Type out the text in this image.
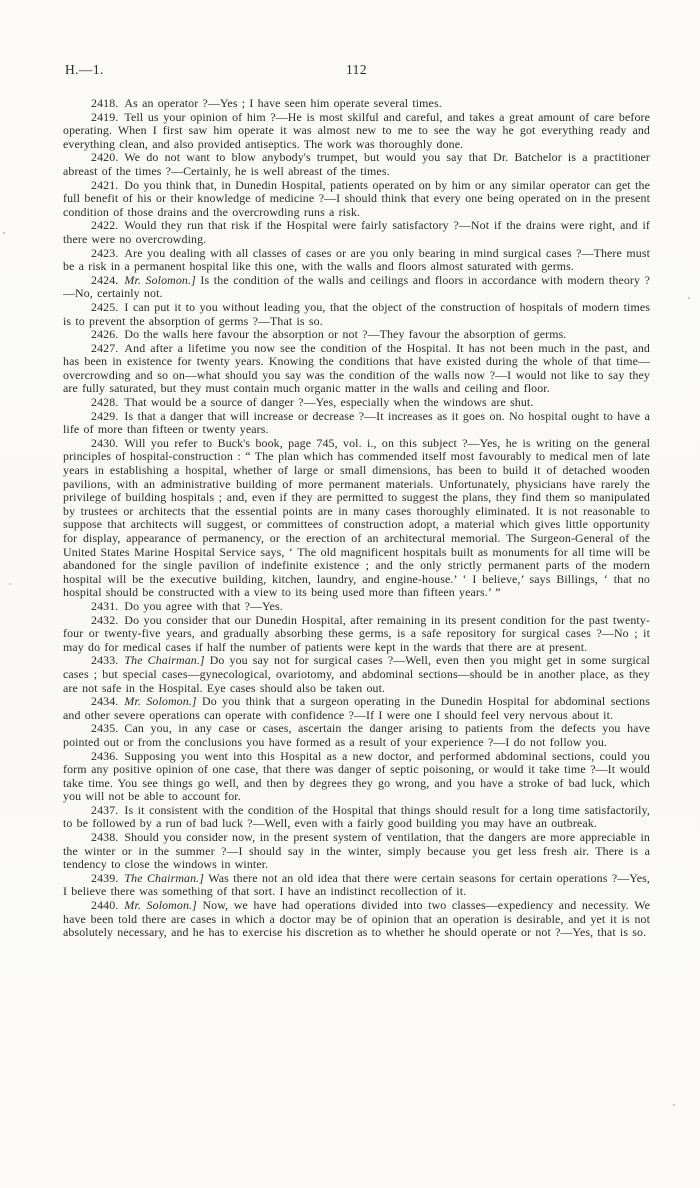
H.—1.	112

2418. As an operator ?—Yes ; I have seen him operate several times.

2419. Tell us your opinion of him ?—He is most skilful and careful, and takes a great amount of care before operating. When I first saw him operate it was almost new to me to see the way he got everything ready and everything clean, and also provided antiseptics. The work was thoroughly done.

2420. We do not want to blow anybody's trumpet, but would you say that Dr. Batchelor is a practitioner abreast of the times ?—Certainly, he is well abreast of the times.

2421. Do you think that, in Dunedin Hospital, patients operated on by him or any similar operator can get the full benefit of his or their knowledge of medicine ?—I should think that every one being operated on in the present condition of those drains and the overcrowding runs a risk.

2422. Would they run that risk if the Hospital were fairly satisfactory ?—Not if the drains were right, and if there were no overcrowding.

2423. Are you dealing with all classes of cases or are you only bearing in mind surgical cases ?—There must be a risk in a permanent hospital like this one, with the walls and floors almost saturated with germs.

2424. Mr. Solomon.] Is the condition of the walls and ceilings and floors in accordance with modern theory ?—No, certainly not.

2425. I can put it to you without leading you, that the object of the construction of hospitals of modern times is to prevent the absorption of germs ?—That is so.

2426. Do the walls here favour the absorption or not ?—They favour the absorption of germs.

2427. And after a lifetime you now see the condition of the Hospital. It has not been much in the past, and has been in existence for twenty years. Knowing the conditions that have existed during the whole of that time—overcrowding and so on—what should you say was the condition of the walls now ?—I would not like to say they are fully saturated, but they must contain much organic matter in the walls and ceiling and floor.

2428. That would be a source of danger ?—Yes, especially when the windows are shut.

2429. Is that a danger that will increase or decrease ?—It increases as it goes on. No hospital ought to have a life of more than fifteen or twenty years.

2430. Will you refer to Buck's book, page 745, vol. i., on this subject ?—Yes, he is writing on the general principles of hospital-construction : “ The plan which has commended itself most favourably to medical men of late years in establishing a hospital, whether of large or small dimensions, has been to build it of detached wooden pavilions, with an administrative building of more permanent materials. Unfortunately, physicians have rarely the privilege of building hospitals ; and, even if they are permitted to suggest the plans, they find them so manipulated by trustees or architects that the essential points are in many cases thoroughly eliminated. It is not reasonable to suppose that architects will suggest, or committees of construction adopt, a material which gives little opportunity for display, appearance of permanency, or the erection of an architectural memorial. The Surgeon-General of the United States Marine Hospital Service says, ‘ The old magnificent hospitals built as monuments for all time will be abandoned for the single pavilion of indefinite existence ; and the only strictly permanent parts of the modern hospital will be the executive building, kitchen, laundry, and engine-house.’ ‘ I believe,’ says Billings, ‘ that no hospital should be constructed with a view to its being used more than fifteen years.’ ”

2431. Do you agree with that ?—Yes.

2432. Do you consider that our Dunedin Hospital, after remaining in its present condition for the past twenty-four or twenty-five years, and gradually absorbing these germs, is a safe repository for surgical cases ?—No ; it may do for medical cases if half the number of patients were kept in the wards that there are at present.

2433. The Chairman.] Do you say not for surgical cases ?—Well, even then you might get in some surgical cases ; but special cases—gynecological, ovariotomy, and abdominal sections—should be in another place, as they are not safe in the Hospital. Eye cases should also be taken out.

2434. Mr. Solomon.] Do you think that a surgeon operating in the Dunedin Hospital for abdominal sections and other severe operations can operate with confidence ?—If I were one I should feel very nervous about it.

2435. Can you, in any case or cases, ascertain the danger arising to patients from the defects you have pointed out or from the conclusions you have formed as a result of your experience ?—I do not follow you.

2436. Supposing you went into this Hospital as a new doctor, and performed abdominal sections, could you form any positive opinion of one case, that there was danger of septic poisoning, or would it take time ?—It would take time. You see things go well, and then by degrees they go wrong, and you have a stroke of bad luck, which you will not be able to account for.

2437. Is it consistent with the condition of the Hospital that things should result for a long time satisfactorily, to be followed by a run of bad luck ?—Well, even with a fairly good building you may have an outbreak.

2438. Should you consider now, in the present system of ventilation, that the dangers are more appreciable in the winter or in the summer ?—I should say in the winter, simply because you get less fresh air. There is a tendency to close the windows in winter.

2439. The Chairman.] Was there not an old idea that there were certain seasons for certain operations ?—Yes, I believe there was something of that sort. I have an indistinct recollection of it.

2440. Mr. Solomon.] Now, we have had operations divided into two classes—expediency and necessity. We have been told there are cases in which a doctor may be of opinion that an operation is desirable, and yet it is not absolutely necessary, and he has to exercise his discretion as to whether he should operate or not ?—Yes, that is so.
